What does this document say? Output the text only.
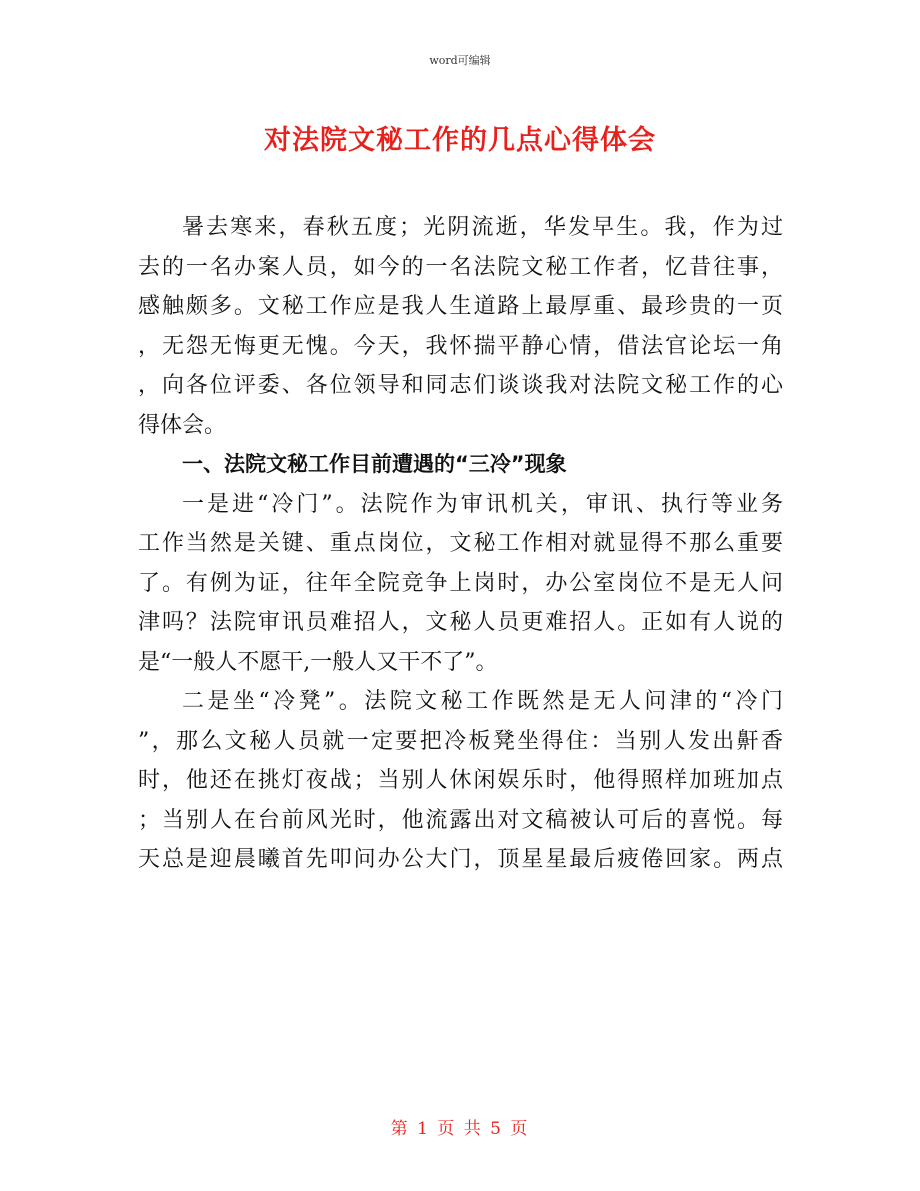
word可编辑
对法院文秘工作的几点心得体会
暑去寒来，春秋五度；光阴流逝，华发早生。我，作为过
去的一名办案人员，如今的一名法院文秘工作者，忆昔往事，
感触颇多。文秘工作应是我人生道路上最厚重、最珍贵的一页
，无怨无悔更无愧。今天，我怀揣平静心情，借法官论坛一角
，向各位评委、各位领导和同志们谈谈我对法院文秘工作的心
得体会。
一、法院文秘工作目前遭遇的“三冷”现象
一是进“冷门”。法院作为审讯机关，审讯、执行等业务
工作当然是关键、重点岗位，文秘工作相对就显得不那么重要
了。有例为证，往年全院竞争上岗时，办公室岗位不是无人问
津吗？法院审讯员难招人，文秘人员更难招人。正如有人说的
是“一般人不愿干,一般人又干不了”。
二是坐“冷凳”。法院文秘工作既然是无人问津的“冷门
”，那么文秘人员就一定要把冷板凳坐得住：当别人发出鼾香
时，他还在挑灯夜战；当别人休闲娱乐时，他得照样加班加点
；当别人在台前风光时，他流露出对文稿被认可后的喜悦。每
天总是迎晨曦首先叩问办公大门，顶星星最后疲倦回家。两点
第 1 页 共 5 页
